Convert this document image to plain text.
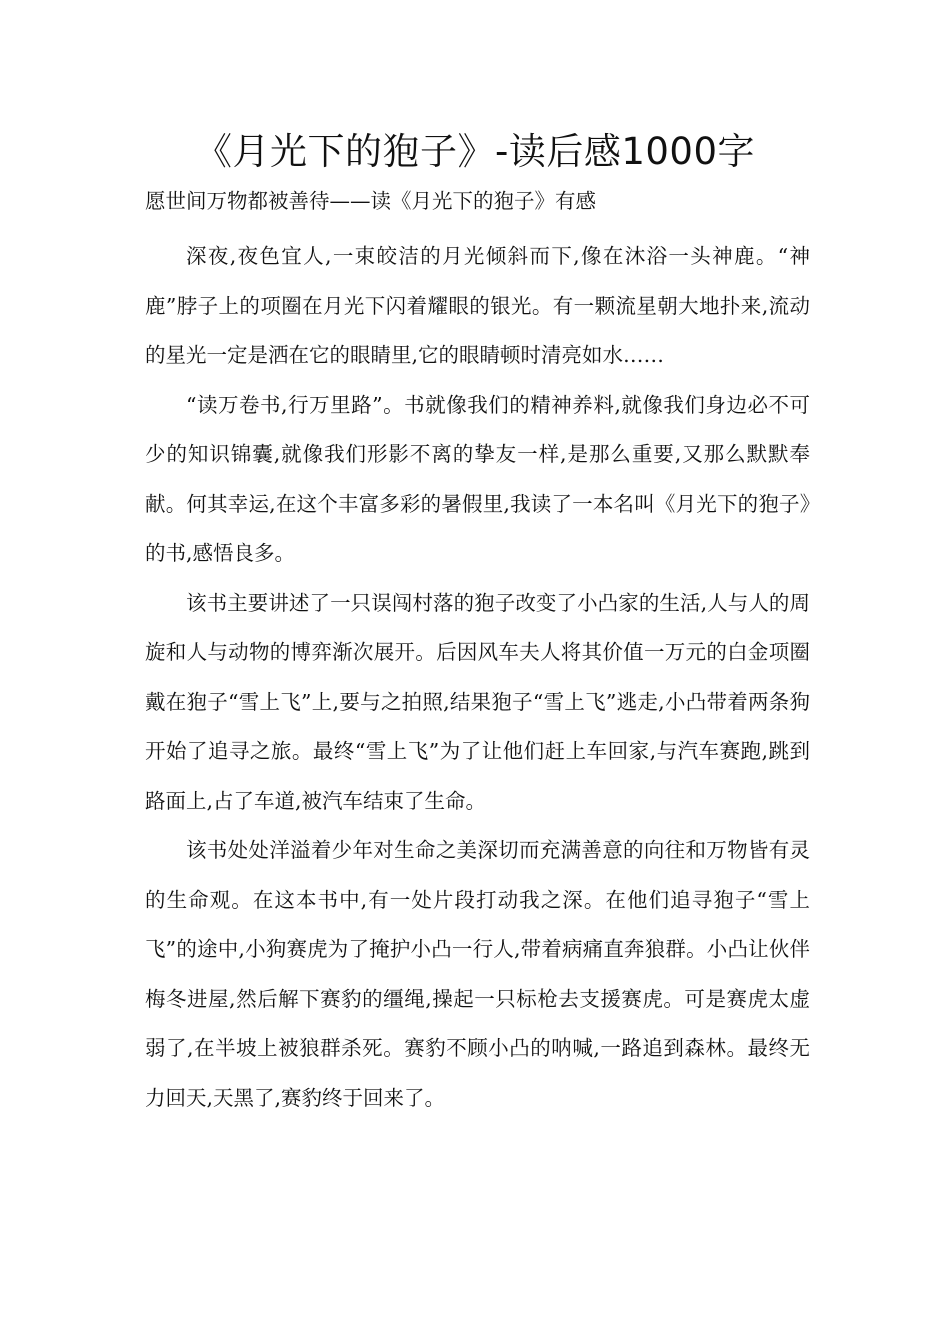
《月光下的狍子》-读后感1000字

愿世间万物都被善待——读《月光下的狍子》有感

深夜,夜色宜人,一束皎洁的月光倾斜而下,像在沐浴一头神鹿。“神鹿”脖子上的项圈在月光下闪着耀眼的银光。有一颗流星朝大地扑来,流动的星光一定是洒在它的眼睛里,它的眼睛顿时清亮如水……

“读万卷书,行万里路”。书就像我们的精神养料,就像我们身边必不可少的知识锦囊,就像我们形影不离的挚友一样,是那么重要,又那么默默奉献。何其幸运,在这个丰富多彩的暑假里,我读了一本名叫《月光下的狍子》的书,感悟良多。

该书主要讲述了一只误闯村落的狍子改变了小凸家的生活,人与人的周旋和人与动物的博弈渐次展开。后因风车夫人将其价值一万元的白金项圈戴在狍子“雪上飞”上,要与之拍照,结果狍子“雪上飞”逃走,小凸带着两条狗开始了追寻之旅。最终“雪上飞”为了让他们赶上车回家,与汽车赛跑,跳到路面上,占了车道,被汽车结束了生命。

该书处处洋溢着少年对生命之美深切而充满善意的向往和万物皆有灵的生命观。在这本书中,有一处片段打动我之深。在他们追寻狍子“雪上飞”的途中,小狗赛虎为了掩护小凸一行人,带着病痛直奔狼群。小凸让伙伴梅冬进屋,然后解下赛豹的缰绳,操起一只标枪去支援赛虎。可是赛虎太虚弱了,在半坡上被狼群杀死。赛豹不顾小凸的呐喊,一路追到森林。最终无力回天,天黑了,赛豹终于回来了。
